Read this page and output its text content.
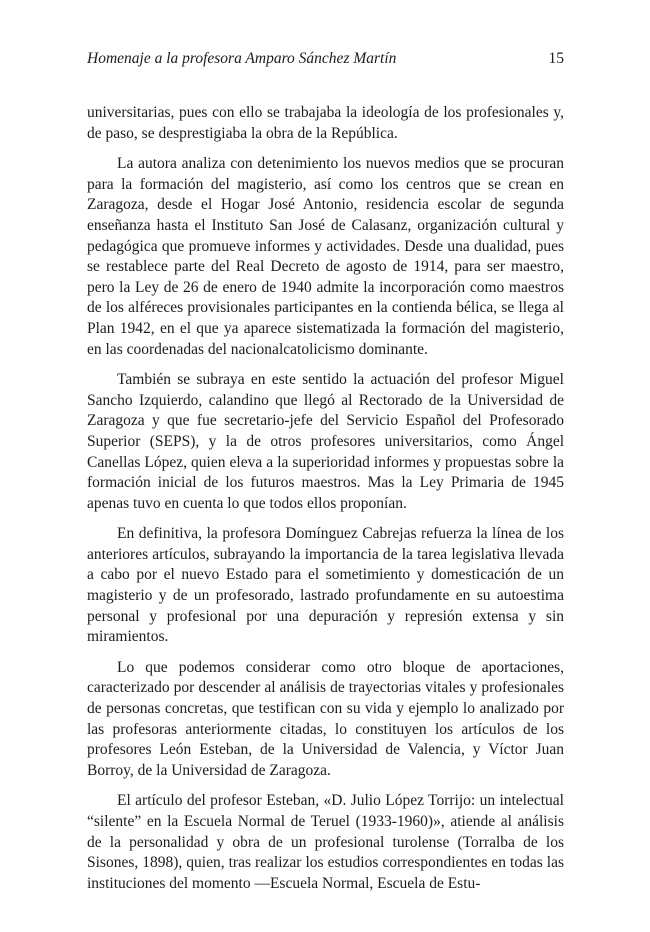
Homenaje a la profesora Amparo Sánchez Martín	15

universitarias, pues con ello se trabajaba la ideología de los profesionales y, de paso, se desprestigiaba la obra de la República.

La autora analiza con detenimiento los nuevos medios que se procuran para la formación del magisterio, así como los centros que se crean en Zaragoza, desde el Hogar José Antonio, residencia escolar de segunda enseñanza hasta el Instituto San José de Calasanz, organización cultural y pedagógica que promueve informes y actividades. Desde una dualidad, pues se restablece parte del Real Decreto de agosto de 1914, para ser maestro, pero la Ley de 26 de enero de 1940 admite la incorporación como maestros de los alféreces provisionales participantes en la contienda bélica, se llega al Plan 1942, en el que ya aparece sistematizada la formación del magisterio, en las coordenadas del nacionalcatolicismo dominante.

También se subraya en este sentido la actuación del profesor Miguel Sancho Izquierdo, calandino que llegó al Rectorado de la Universidad de Zaragoza y que fue secretario-jefe del Servicio Español del Profesorado Superior (SEPS), y la de otros profesores universitarios, como Ángel Canellas López, quien eleva a la superioridad informes y propuestas sobre la formación inicial de los futuros maestros. Mas la Ley Primaria de 1945 apenas tuvo en cuenta lo que todos ellos proponían.

En definitiva, la profesora Domínguez Cabrejas refuerza la línea de los anteriores artículos, subrayando la importancia de la tarea legislativa llevada a cabo por el nuevo Estado para el sometimiento y domesticación de un magisterio y de un profesorado, lastrado profundamente en su autoestima personal y profesional por una depuración y represión extensa y sin miramientos.

Lo que podemos considerar como otro bloque de aportaciones, caracterizado por descender al análisis de trayectorias vitales y profesionales de personas concretas, que testifican con su vida y ejemplo lo analizado por las profesoras anteriormente citadas, lo constituyen los artículos de los profesores León Esteban, de la Universidad de Valencia, y Víctor Juan Borroy, de la Universidad de Zaragoza.

El artículo del profesor Esteban, «D. Julio López Torrijo: un intelectual “silente” en la Escuela Normal de Teruel (1933-1960)», atiende al análisis de la personalidad y obra de un profesional turolense (Torralba de los Sisones, 1898), quien, tras realizar los estudios correspondientes en todas las instituciones del momento —Escuela Normal, Escuela de Estu-
